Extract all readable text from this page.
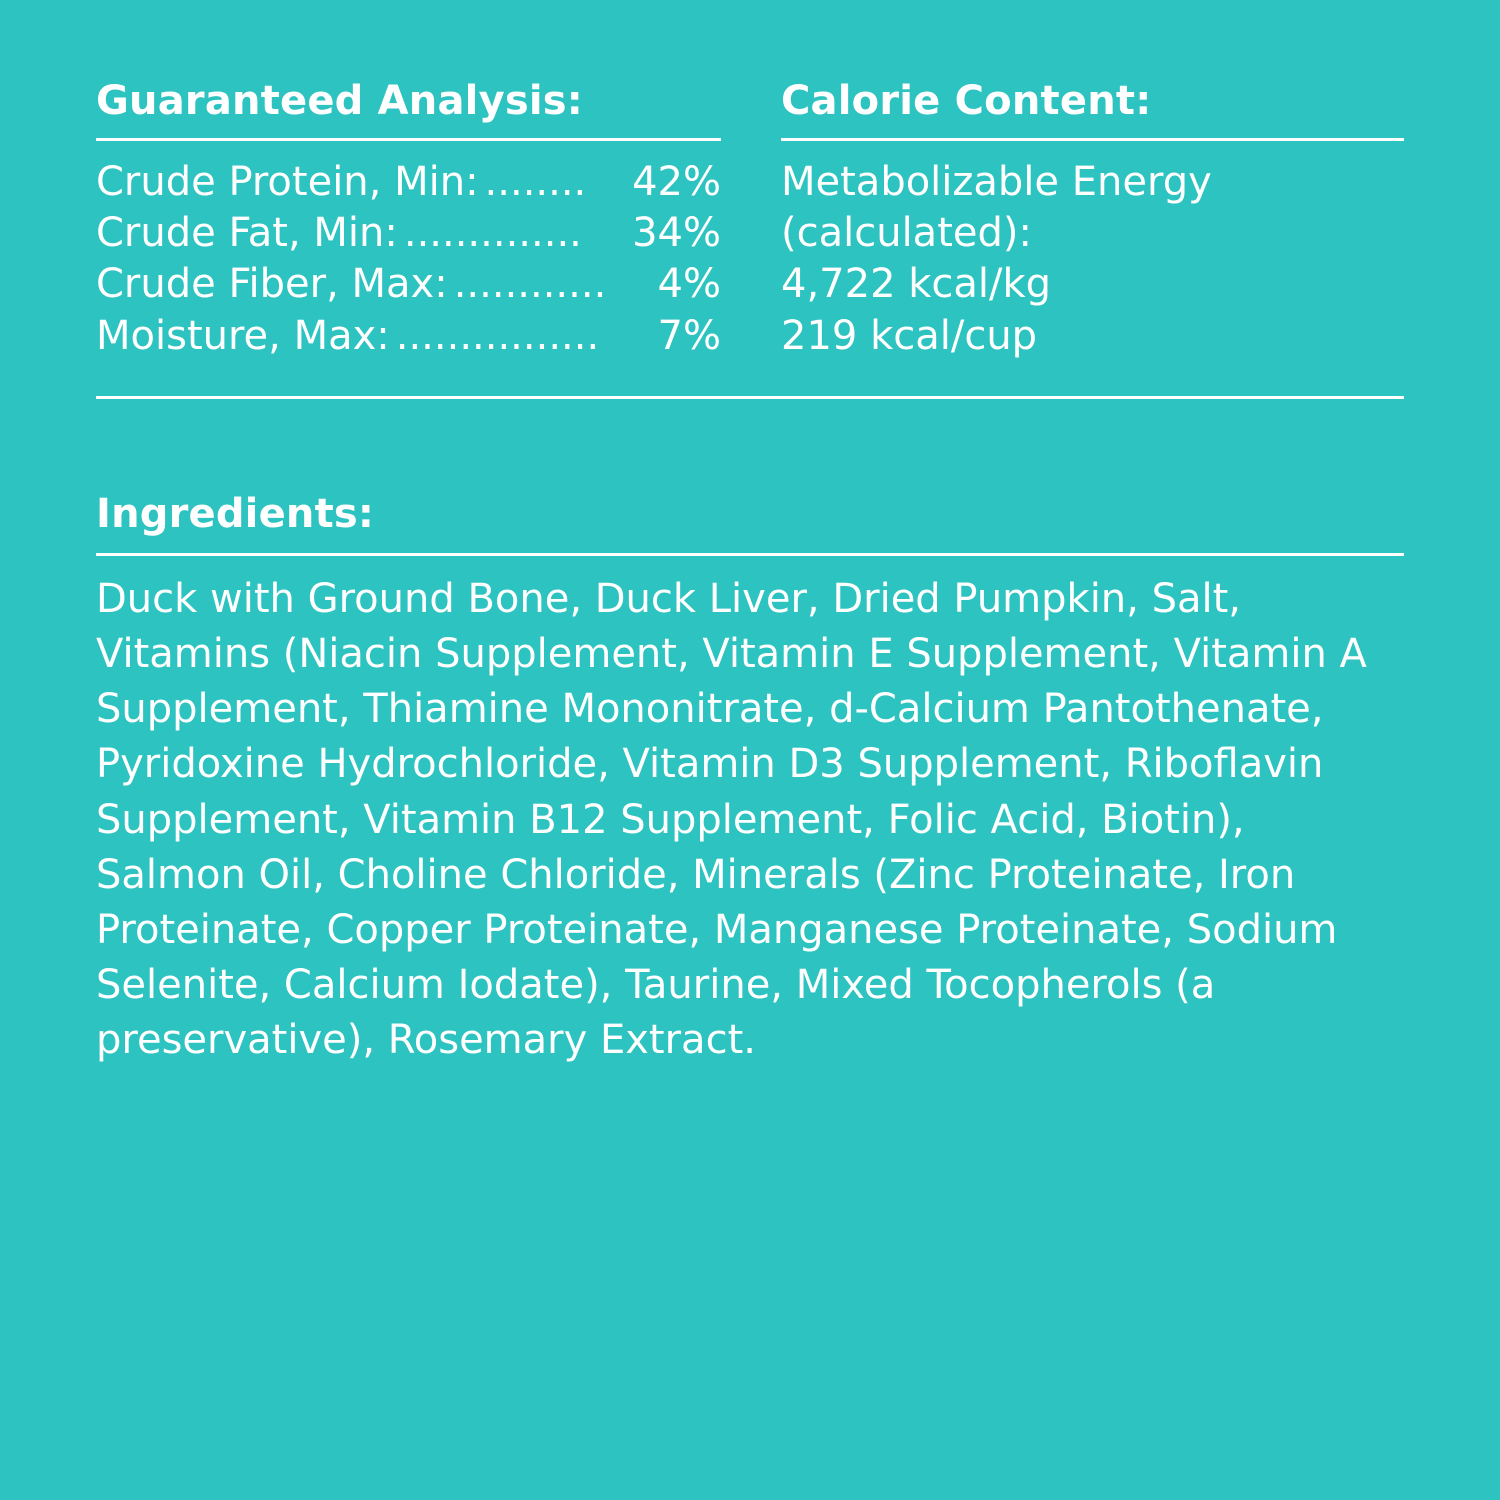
Guaranteed Analysis:
Crude Protein, Min: ........	42%
Crude Fat, Min: ..............	34%
Crude Fiber, Max: ............	4%
Moisture, Max: ................	7%
Calorie Content:
Metabolizable Energy
(calculated):
4,722 kcal/kg
219 kcal/cup
Ingredients:

Duck with Ground Bone, Duck Liver, Dried Pumpkin, Salt, Vitamins (Niacin Supplement, Vitamin E Supplement, Vitamin A Supplement, Thiamine Mononitrate, d-Calcium Pantothenate, Pyridoxine Hydrochloride, Vitamin D3 Supplement, Riboflavin Supplement, Vitamin B12 Supplement, Folic Acid, Biotin), Salmon Oil, Choline Chloride, Minerals (Zinc Proteinate, Iron Proteinate, Copper Proteinate, Manganese Proteinate, Sodium Selenite, Calcium Iodate), Taurine, Mixed Tocopherols (a preservative), Rosemary Extract.
